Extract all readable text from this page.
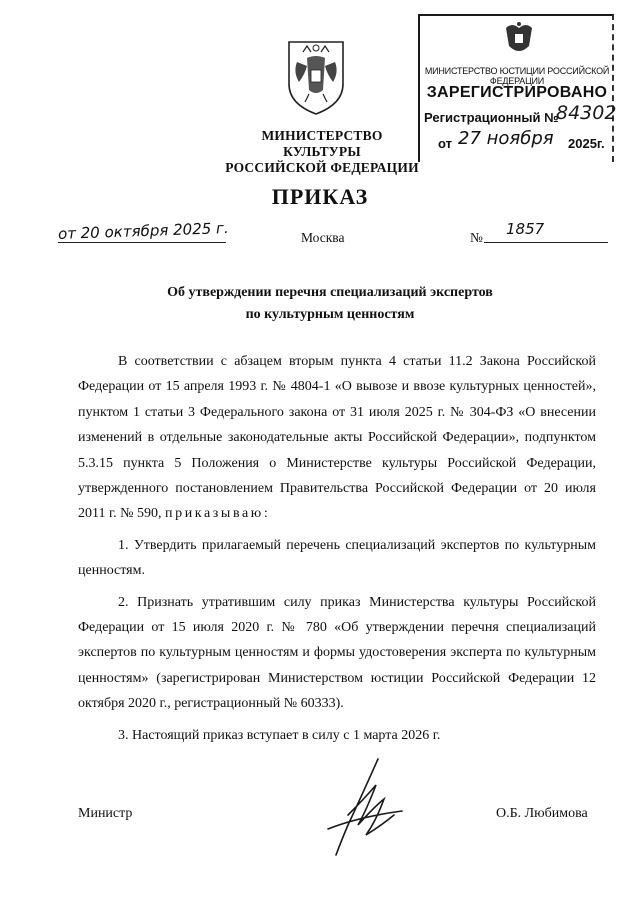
МИНИСТЕРСТВО КУЛЬТУРЫ
РОССИЙСКОЙ ФЕДЕРАЦИИ
МИНИСТЕРСТВО ЮСТИЦИИ РОССИЙСКОЙ ФЕДЕРАЦИИ
ЗАРЕГИСТРИРОВАНО
Регистрационный №
84302
от 27 ноября 2025г.
ПРИКАЗ
от 20 октября 2025 г.	Москва	№ 1857
Об утверждении перечня специализаций экспертов
по культурным ценностям

В соответствии с абзацем вторым пункта 4 статьи 11.2 Закона Российской Федерации от 15 апреля 1993 г. № 4804-1 «О вывозе и ввозе культурных ценностей», пунктом 1 статьи 3 Федерального закона от 31 июля 2025 г. № 304-ФЗ «О внесении изменений в отдельные законодательные акты Российской Федерации», подпунктом 5.3.15 пункта 5 Положения о Министерстве культуры Российской Федерации, утвержденного постановлением Правительства Российской Федерации от 20 июля 2011 г. № 590, приказываю:

1. Утвердить прилагаемый перечень специализаций экспертов по культурным ценностям.

2. Признать утратившим силу приказ Министерства культуры Российской Федерации от 15 июля 2020 г. № 780 «Об утверждении перечня специализаций экспертов по культурным ценностям и формы удостоверения эксперта по культурным ценностям» (зарегистрирован Министерством юстиции Российской Федерации 12 октября 2020 г., регистрационный № 60333).

3. Настоящий приказ вступает в силу с 1 марта 2026 г.

Министр	О.Б. Любимова
